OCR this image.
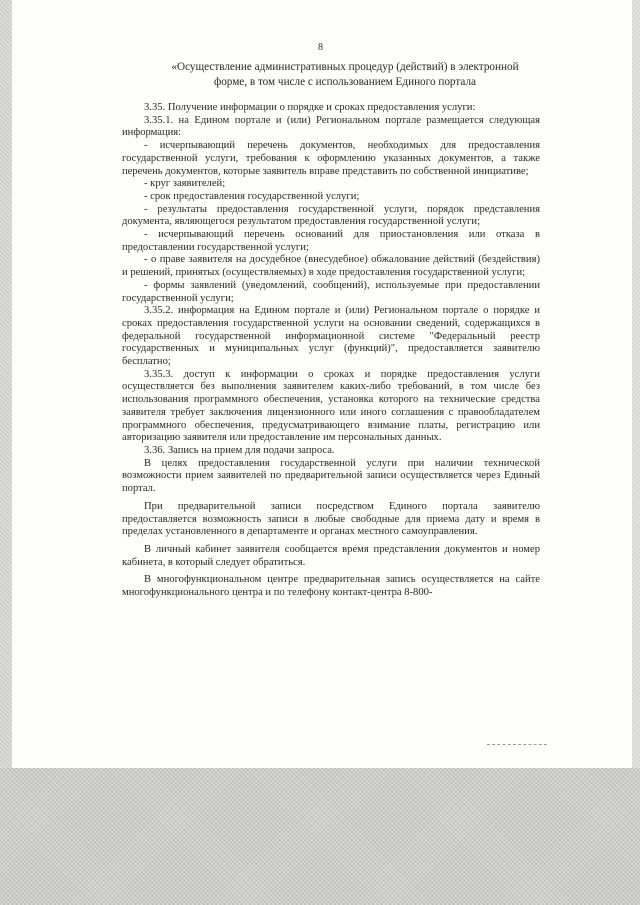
8
«Осуществление административных процедур (действий) в электронной
форме, в том числе с использованием Единого портала

3.35. Получение информации о порядке и сроках предоставления услуги:

3.35.1. на Едином портале и (или) Региональном портале размещается следующая информация:

- исчерпывающий перечень документов, необходимых для предоставления государственной услуги, требования к оформлению указанных документов, а также перечень документов, которые заявитель вправе представить по собственной инициативе;

- круг заявителей;

- срок предоставления государственной услуги;

- результаты предоставления государственной услуги, порядок представления документа, являющегося результатом предоставления государственной услуги;

- исчерпывающий перечень оснований для приостановления или отказа в предоставлении государственной услуги;

- о праве заявителя на досудебное (внесудебное) обжалование действий (бездействия) и решений, принятых (осуществляемых) в ходе предоставления государственной услуги;

- формы заявлений (уведомлений, сообщений), используемые при предоставлении государственной услуги;

3.35.2. информация на Едином портале и (или) Региональном портале о порядке и сроках предоставления государственной услуги на основании сведений, содержащихся в федеральной государственной информационной системе "Федеральный реестр государственных и муниципальных услуг (функций)", предоставляется заявителю бесплатно;

3.35.3. доступ к информации о сроках и порядке предоставления услуги осуществляется без выполнения заявителем каких-либо требований, в том числе без использования программного обеспечения, установка которого на технические средства заявителя требует заключения лицензионного или иного соглашения с правообладателем программного обеспечения, предусматривающего взимание платы, регистрацию или авторизацию заявителя или предоставление им персональных данных.

3.36. Запись на прием для подачи запроса.

В целях предоставления государственной услуги при наличии технической возможности прием заявителей по предварительной записи осуществляется через Единый портал.

При предварительной записи посредством Единого портала заявителю предоставляется возможность записи в любые свободные для приема дату и время в пределах установленного в департаменте и органах местного самоуправления.

В личный кабинет заявителя сообщается время представления документов и номер кабинета, в который следует обратиться.

В многофункциональном центре предварительная запись осуществляется на сайте многофункционального центра и по телефону контакт-центра 8-800-
